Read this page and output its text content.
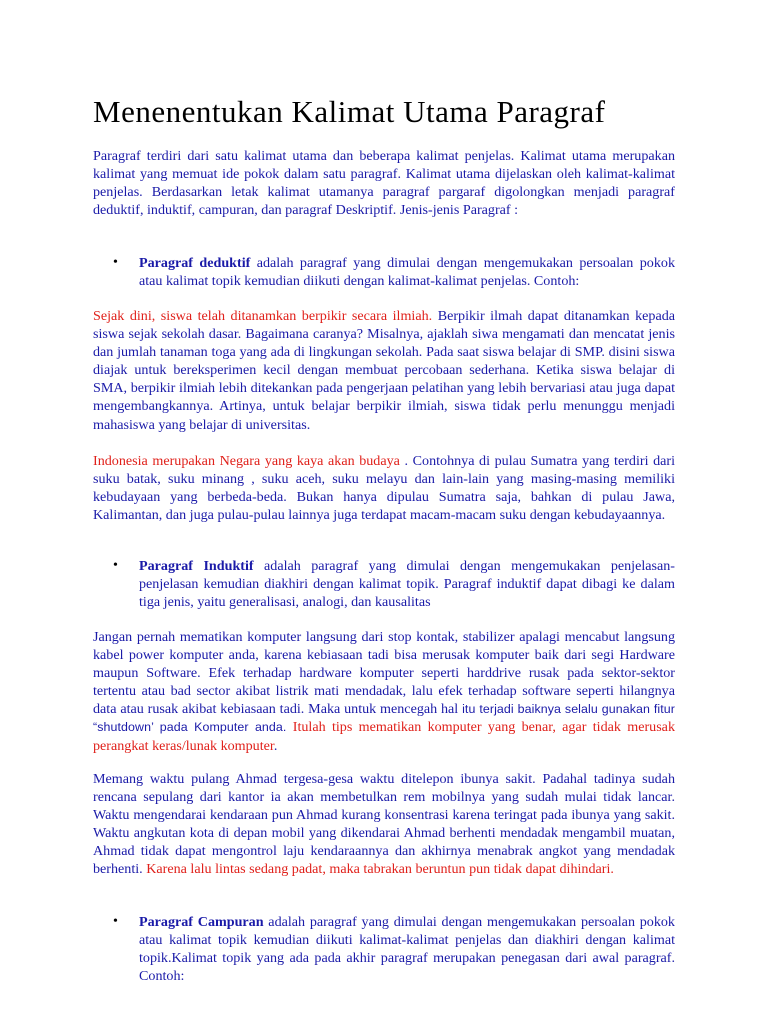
Menenentukan Kalimat Utama Paragraf

Paragraf terdiri dari satu kalimat utama dan beberapa kalimat penjelas. Kalimat utama merupakan kalimat yang memuat ide pokok dalam satu paragraf. Kalimat utama dijelaskan oleh kalimat-kalimat penjelas. Berdasarkan letak kalimat utamanya paragraf pargaraf digolongkan menjadi paragraf deduktif, induktif, campuran, dan paragraf Deskriptif. Jenis-jenis Paragraf :

• Paragraf deduktif adalah paragraf yang dimulai dengan mengemukakan persoalan pokok atau kalimat topik kemudian diikuti dengan kalimat-kalimat penjelas. Contoh:

Sejak dini, siswa telah ditanamkan berpikir secara ilmiah. Berpikir ilmah dapat ditanamkan kepada siswa sejak sekolah dasar. Bagaimana caranya? Misalnya, ajaklah siwa mengamati dan mencatat jenis dan jumlah tanaman toga yang ada di lingkungan sekolah. Pada saat siswa belajar di SMP. disini siswa diajak untuk bereksperimen kecil dengan membuat percobaan sederhana. Ketika siswa belajar di SMA, berpikir ilmiah lebih ditekankan pada pengerjaan pelatihan yang lebih bervariasi atau juga dapat mengembangkannya. Artinya, untuk belajar berpikir ilmiah, siswa tidak perlu menunggu menjadi mahasiswa yang belajar di universitas.

Indonesia merupakan Negara yang kaya akan budaya . Contohnya di pulau Sumatra yang terdiri dari suku batak, suku minang , suku aceh, suku melayu dan lain-lain yang masing-masing memiliki kebudayaan yang berbeda-beda. Bukan hanya dipulau Sumatra saja, bahkan di pulau Jawa, Kalimantan, dan juga pulau-pulau lainnya juga terdapat macam-macam suku dengan kebudayaannya.

• Paragraf Induktif adalah paragraf yang dimulai dengan mengemukakan penjelasan-penjelasan kemudian diakhiri dengan kalimat topik. Paragraf induktif dapat dibagi ke dalam tiga jenis, yaitu generalisasi, analogi, dan kausalitas

Jangan pernah mematikan komputer langsung dari stop kontak, stabilizer apalagi mencabut langsung kabel power komputer anda, karena kebiasaan tadi bisa merusak komputer baik dari segi Hardware maupun Software. Efek terhadap hardware komputer seperti harddrive rusak pada sektor-sektor tertentu atau bad sector akibat listrik mati mendadak, lalu efek terhadap software seperti hilangnya data atau rusak akibat kebiasaan tadi. Maka untuk mencegah hal itu terjadi baiknya selalu gunakan fitur “shutdown’ pada Komputer anda. Itulah tips mematikan komputer yang benar, agar tidak merusak perangkat keras/lunak komputer.

Memang waktu pulang Ahmad tergesa-gesa waktu ditelepon ibunya sakit. Padahal tadinya sudah rencana sepulang dari kantor ia akan membetulkan rem mobilnya yang sudah mulai tidak lancar. Waktu mengendarai kendaraan pun Ahmad kurang konsentrasi karena teringat pada ibunya yang sakit. Waktu angkutan kota di depan mobil yang dikendarai Ahmad berhenti mendadak mengambil muatan, Ahmad tidak dapat mengontrol laju kendaraannya dan akhirnya menabrak angkot yang mendadak berhenti. Karena lalu lintas sedang padat, maka tabrakan beruntun pun tidak dapat dihindari.

• Paragraf Campuran adalah paragraf yang dimulai dengan mengemukakan persoalan pokok atau kalimat topik kemudian diikuti kalimat-kalimat penjelas dan diakhiri dengan kalimat topik.Kalimat topik yang ada pada akhir paragraf merupakan penegasan dari awal paragraf. Contoh:
